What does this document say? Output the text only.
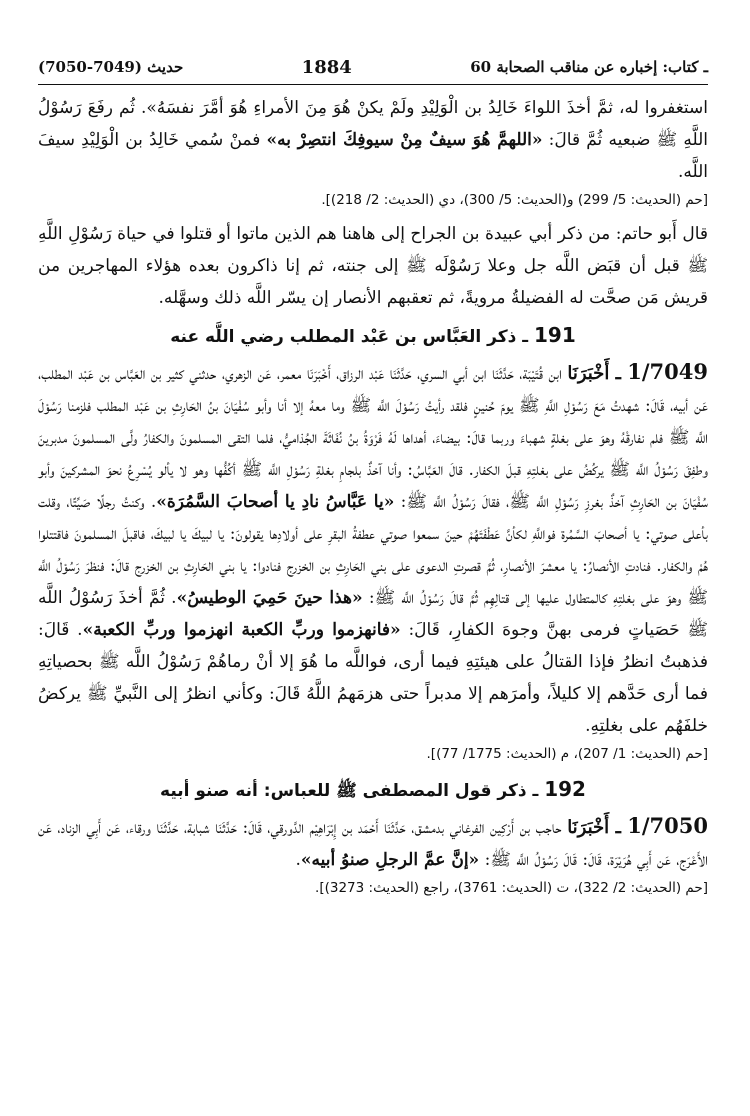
حديث (7049-7050)	1884	60 ـ كتاب: إخباره عن مناقب الصحابة

استغفروا له، ثمَّ أخذَ اللواءَ خَالِدُ بن الْوَلِيْدِ ولَمْ يكنْ هُوَ مِنَ الأمراءِ هُوَ أمَّرَ نفسَهُ». ثُم رفَعَ رَسُوْلُ اللَّهِ ﷺ ضبعيه ثُمَّ قالَ: «اللهمَّ هُوَ سيفٌ مِنْ سيوفِكَ انتصِرْ به» فمنْ سُمي خَالِدُ بن الْوَلِيْدِ سيفَ اللَّه.

[حم (الحديث: 5/ 299) و(الحديث: 5/ 300)، دي (الحديث: 2/ 218)].

قال أَبو حاتم: من ذكر أبي عبيدة بن الجراح إلى هاهنا هم الذين ماتوا أو قتلوا في حياة رَسُوْلِ اللَّهِ ﷺ قبل أن قبَض اللَّه جل وعلا رَسُوْلَه ﷺ إلى جنته، ثم إنا ذاكرون بعده هؤلاء المهاجرين من قريش مَن صحَّت له الفضيلةُ مرويةً، ثم تعقبهم الأنصار إن يسّر اللَّه ذلك وسهَّله.

191 ـ ذكر العَبَّاس بن عَبْد المطلب رضي اللَّه عنه

1/7049 ـ أَخْبَرَنَا ابن قُتَيْبَة، حَدَّثَنَا ابن أبي السري، حَدَّثَنَا عَبْد الرزاق، أَخْبَرَنَا معمر، عَن الزهري، حدثني كثير بن العَبَّاس بن عَبْد المطلب، عَن أبيه، قَالَ: شهدتُ مَعَ رَسُوْلِ اللَّهِ ﷺ يومَ حُنينٍ فلقد رأيتُ رَسُوْلَ اللَّه ﷺ وما معهُ إلا أنا وأبو سُفْيَانَ بنُ الحَارِثِ بن عَبْد المطلب فلزمنا رَسُوْلَ اللَّه ﷺ فلم نفارقْهُ وهوَ على بغلةٍ شهباءَ وربما قالَ: بيضاءَ، أهداها لَهُ فَرْوَةُ بنُ نُفَاثَةَ الجُذاميُّ، فلما التقى المسلمونَ والكفارُ ولَّى المسلمونَ مدبرينَ وطفِقَ رَسُوْلُ اللَّه ﷺ يركُضُ على بغلتِهِ قبلَ الكفار. قالَ العَبَّاسُ: وأنا آخذٌ بلجامِ بغلةِ رَسُوْلِ اللَّه ﷺ أكُفُّها وهو لا يألو يُسْرِعُ نحوَ المشركينَ وأبو سُفْيَانَ بن الحَارِثِ آخذٌ بغرزِ رَسُوْلِ اللَّه ﷺ، فقالَ رَسُوْلُ اللَّه ﷺ: «يا عَبَّاسُ نادِ يا أصحابَ السَّمُرَة». وكنتُ رجلًا صَيِّتًا، وقلت بأعلى صوتي: يا أصحابَ السَّمُرة فواللَّهِ لكأنَّ عَطْفَتَهُمْ حينَ سمعوا صوتي عطفةُ البقرِ على أولادِها يقولونَ: يا لبيكَ يا لبيكَ، فاقبلَ المسلمونَ فاقتتلوا هُمْ والكفار. فنادتِ الأنصارُ: يا معشرَ الأنصارِ، ثُمَّ قصرتِ الدعوى على بني الحَارِثِ بن الخزرج فنادوا: يا بني الحَارِثِ بن الخزرج قالَ: فنظرَ رَسُوْلُ اللَّه ﷺ وهوَ على بغلتِهِ كالمتطاول عليها إلى قتالِهِم ثُمَّ قالَ رَسُوْلُ اللَّه ﷺ: «هذا حينَ حَمِيَ الوطيسُ». ثُمَّ أخذَ رَسُوْلُ اللَّه ﷺ حَصَياتٍ فرمى بهنَّ وجوهَ الكفارِ، قَالَ: «فانهزموا وربِّ الكعبة انهزموا وربِّ الكعبة». قَالَ: فذهبتُ انظرُ فإذا القتالُ على هيئتِهِ فيما أرى، فواللَّه ما هُوَ إلا أنْ رماهُمْ رَسُوْلُ اللَّه ﷺ بحصياتِهِ فما أرى حَدَّهم إلا كليلاً، وأمرَهم إلا مدبراً حتى هزمَهمُ اللَّهُ قَالَ: وكأني انظرُ إلى النَّبيِّ ﷺ يركضُ خلفَهُم على بغلتِهِ.

[حم (الحديث: 1/ 207)، م (الحديث: 1775/ 77)].

192 ـ ذكر قول المصطفى ﷺ للعباس: أنه صنو أبيه

1/7050 ـ أَخْبَرَنَا حاجب بن أَرْكِين الفرغاني بدمشق، حَدَّثَنَا أَحْمَد بن إِبْرَاهِيْم الدَّورقي، قَالَ: حَدَّثَنَا شبابة، حَدَّثَنَا ورقاء، عَن أَبِي الزناد، عَن الأَعْرَج، عَن أَبِي هُرَيْرَة، قَالَ: قَالَ رَسُوْلُ اللَّه ﷺ: «إنَّ عمَّ الرجلِ صنوُ أبيه».

[حم (الحديث: 2/ 322)، ت (الحديث: 3761)، راجع (الحديث: 3273)].
